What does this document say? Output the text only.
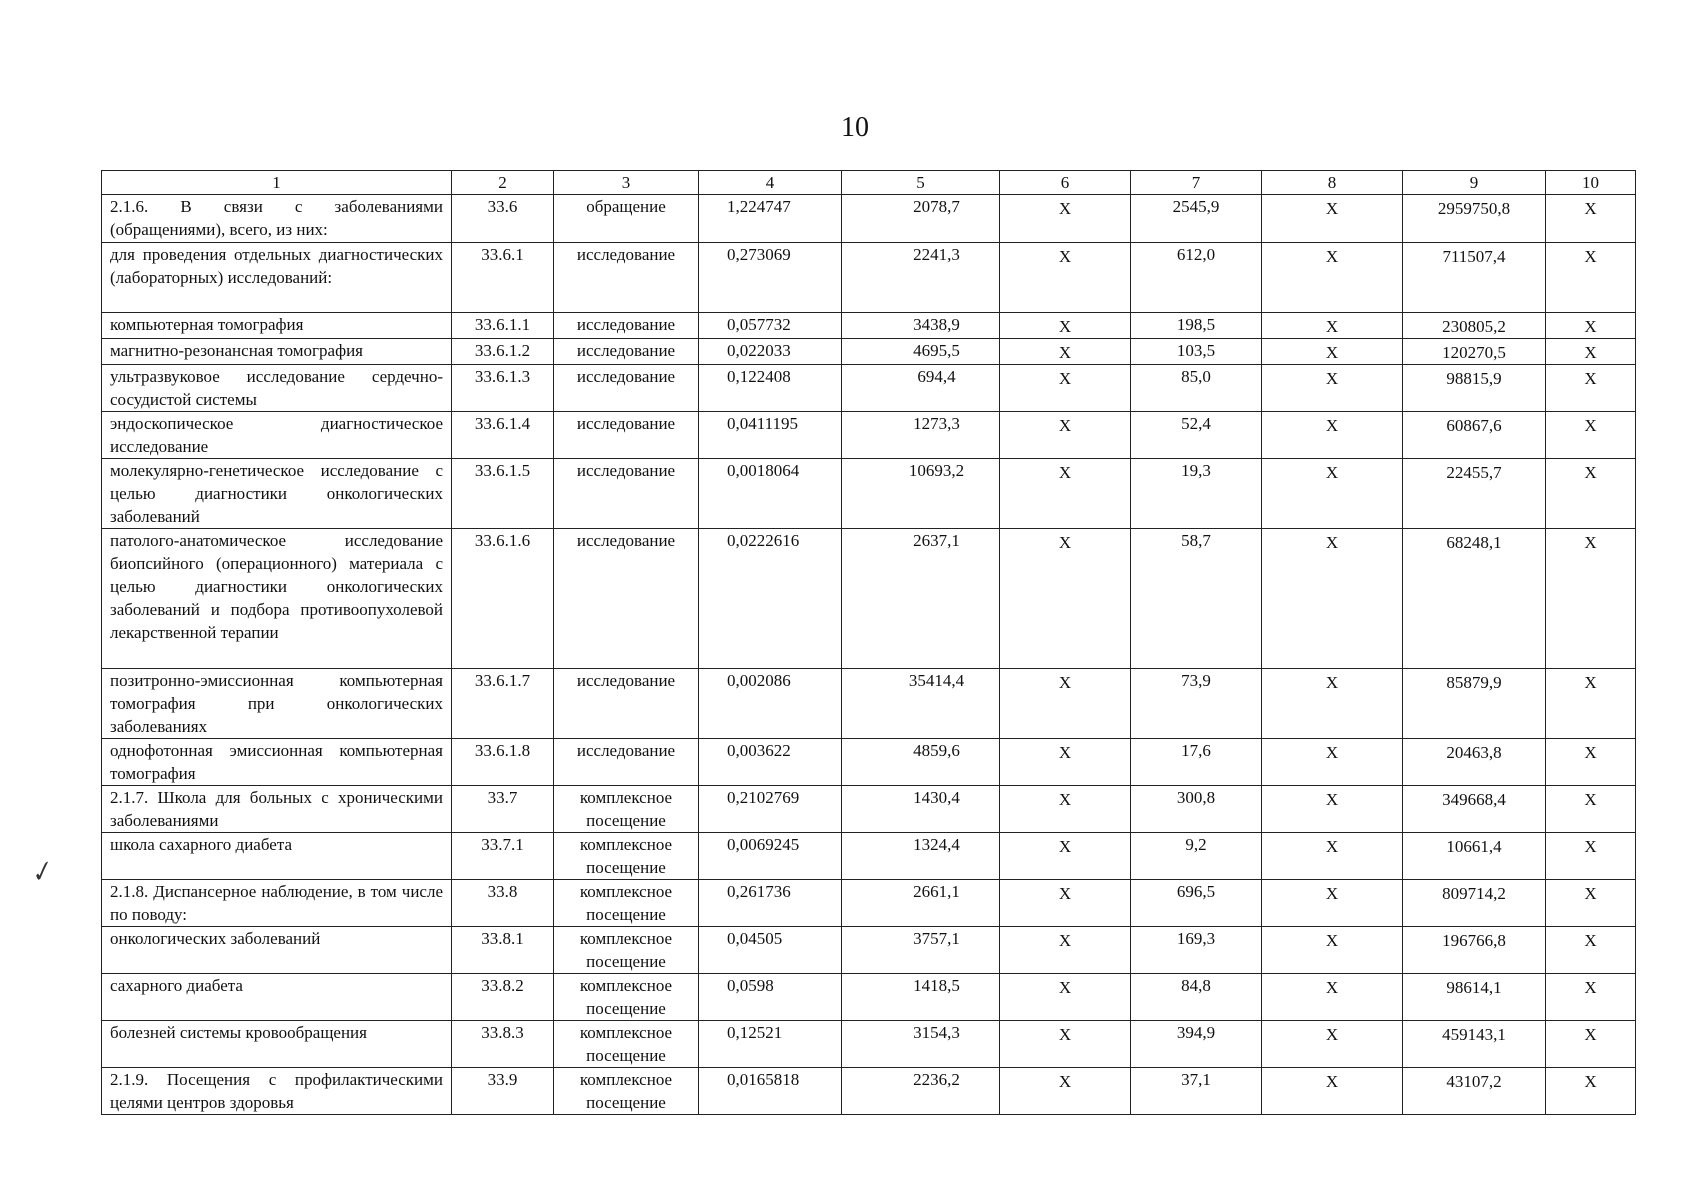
10
✓
1	2	3	4	5	6	7	8	9	10
2.1.6. В связи с заболеваниями (обращениями), всего, из них:	33.6	обращение	1,224747	2078,7	X	2545,9	X	2959750,8	X
для проведения отдельных диагностических (лабораторных) исследований:	33.6.1	исследование	0,273069	2241,3	X	612,0	X	711507,4	X
компьютерная томография	33.6.1.1	исследование	0,057732	3438,9	X	198,5	X	230805,2	X
магнитно-резонансная томография	33.6.1.2	исследование	0,022033	4695,5	X	103,5	X	120270,5	X
ультразвуковое исследование сердечно-сосудистой системы	33.6.1.3	исследование	0,122408	694,4	X	85,0	X	98815,9	X
эндоскопическое диагностическое исследование	33.6.1.4	исследование	0,0411195	1273,3	X	52,4	X	60867,6	X
молекулярно-генетическое исследование с целью диагностики онкологических заболеваний	33.6.1.5	исследование	0,0018064	10693,2	X	19,3	X	22455,7	X
патолого-анатомическое исследование биопсийного (операционного) материала с целью диагностики онкологических заболеваний и подбора противоопухолевой лекарственной терапии	33.6.1.6	исследование	0,0222616	2637,1	X	58,7	X	68248,1	X
позитронно-эмиссионная компьютерная томография при онкологических заболеваниях	33.6.1.7	исследование	0,002086	35414,4	X	73,9	X	85879,9	X
однофотонная эмиссионная компьютерная томография	33.6.1.8	исследование	0,003622	4859,6	X	17,6	X	20463,8	X
2.1.7. Школа для больных с хроническими заболеваниями	33.7	комплексное посещение	0,2102769	1430,4	X	300,8	X	349668,4	X
школа сахарного диабета	33.7.1	комплексное посещение	0,0069245	1324,4	X	9,2	X	10661,4	X
2.1.8. Диспансерное наблюдение, в том числе по поводу:	33.8	комплексное посещение	0,261736	2661,1	X	696,5	X	809714,2	X
онкологических заболеваний	33.8.1	комплексное посещение	0,04505	3757,1	X	169,3	X	196766,8	X
сахарного диабета	33.8.2	комплексное посещение	0,0598	1418,5	X	84,8	X	98614,1	X
болезней системы кровообращения	33.8.3	комплексное посещение	0,12521	3154,3	X	394,9	X	459143,1	X
2.1.9. Посещения с профилактическими целями центров здоровья	33.9	комплексное посещение	0,0165818	2236,2	X	37,1	X	43107,2	X
